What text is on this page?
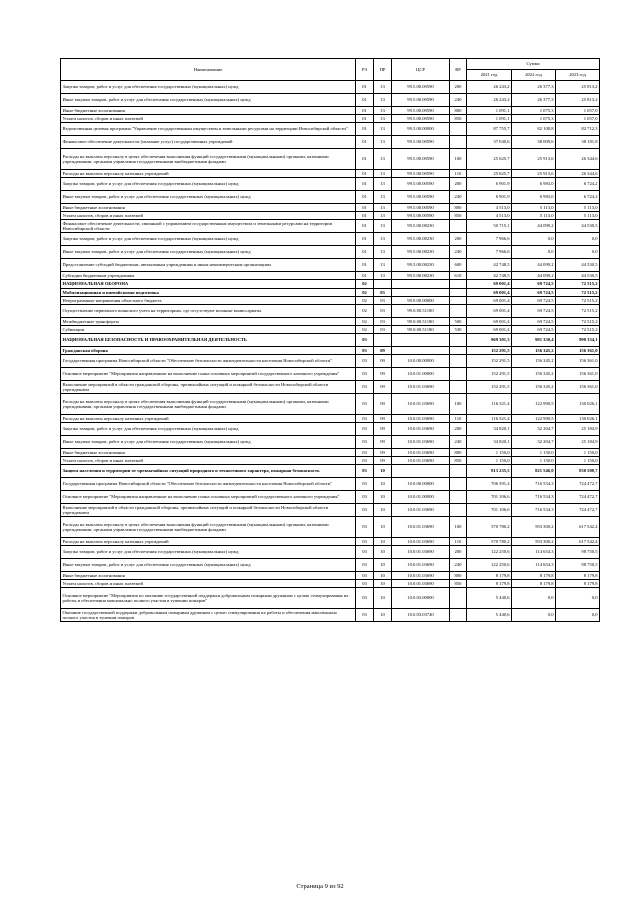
Наименование	РЗ	ПР	ЦСР	ВР	Сумма		
					2021 год	2022 год	2023 год
Закупка товаров, работ и услуг для обеспечения государственных (муниципальных) нужд	01	13	99.5.00.00590	200	26 243,2	26 377,3	25 813,2
Иные закупки товаров, работ и услуг для обеспечения государственных (муниципальных) нужд	01	13	99.5.00.00590	240	26 243,2	26 377,3	25 813,2
Иные бюджетные ассигнования	01	13	99.5.00.00590	800	1 091,1	1 075,3	1 057,0
Уплата налогов, сборов и иных платежей	01	13	99.5.00.00590	850	1 091,1	1 075,3	1 057,0
Ведомственная целевая программа "Управление государственным имуществом и земельными ресурсами на территории Новосибирской области"	01	13	99.5.00.00000		87 755,7	82 108,8	82 712,3
Финансовое обеспечение деятельности (оказание услуг) государственных учреждений	01	13	99.5.00.00590		37 040,6	38 009,6	38 181,8
Расходы на выплаты персоналу в целях обеспечения выполнения функций государственными (муниципальными) органами, казенными учреждениями, органами управления государственными внебюджетными фондами	01	13	99.5.00.00590	100	25 625,7	25 913,6	26 344,6
Расходы на выплаты персоналу казенных учреждений	01	13	99.5.00.00590	110	25 625,7	25 913,6	26 344,6
Закупка товаров, работ и услуг для обеспечения государственных (муниципальных) нужд	01	13	99.5.00.00590	200	6 901,9	6 983,0	6 724,2
Иные закупки товаров, работ и услуг для обеспечения государственных (муниципальных) нужд	01	13	99.5.00.00590	240	6 901,9	6 983,0	6 724,2
Иные бюджетные ассигнования	01	13	99.5.00.00590	800	4 513,0	5 113,0	5 113,0
Уплата налогов, сборов и иных платежей	01	13	99.5.00.00590	850	4 513,0	5 113,0	5 113,0
Финансовое обеспечение деятельности, связанной с управлением государственным имуществом и земельными ресурсами на территории Новосибирской области	01	13	99.5.00.08230		50 715,1	44 099,2	44 530,5
Закупка товаров, работ и услуг для обеспечения государственных (муниципальных) нужд	01	13	99.5.00.08230	200	7 966,6	0,0	0,0
Иные закупки товаров, работ и услуг для обеспечения государственных (муниципальных) нужд	01	13	99.5.00.08230	240	7 966,6	0,0	0,0
Предоставление субсидий бюджетным, автономным учреждениям и иным некоммерческим организациям	01	13	99.5.00.08230	600	42 748,5	44 099,2	44 530,5
Субсидии бюджетным учреждениям	01	13	99.5.00.08230	610	42 748,5	44 099,2	44 530,5
НАЦИОНАЛЬНАЯ ОБОРОНА	02				69 001,4	69 724,5	72 515,2
Мобилизационная и вневойсковая подготовка	02	03			69 001,4	69 724,5	72 515,2
Непрограммные направления областного бюджета	02	03	99.0.00.00000		69 001,4	69 724,5	72 515,2
Осуществление первичного воинского учета на территориях, где отсутствуют военные комиссариаты	02	03	99.0.00.51180		69 001,4	69 724,5	72 515,2
Межбюджетные трансферты	02	03	99.0.00.51180	500	69 001,4	69 724,5	72 515,2
Субвенции	02	03	99.0.00.51180	530	69 001,4	69 724,5	72 515,2
НАЦИОНАЛЬНАЯ БЕЗОПАСНОСТЬ И ПРАВООХРАНИТЕЛЬНАЯ ДЕЯТЕЛЬНОСТЬ	03				969 301,3	981 330,4	990 334,1
Гражданская оборона	03	09			152 291,5	156 345,2	156 361,0
Государственная программа Новосибирской области "Обеспечение безопасности жизнедеятельности населения Новосибирской области"	03	09	10.0.00.00000		152 291,5	156 345,2	156 361,0
Основное мероприятие "Мероприятия направленные на выполнение плана основных мероприятий государственного казенного учреждения"	03	09	10.0.01.00000		152 291,5	156 345,2	156 361,0
Выполнение мероприятий в области гражданской обороны, чрезвычайных ситуаций и пожарной безопасности Новосибирской области учреждением	03	09	10.0.01.03690		152 291,5	156 345,2	156 361,0
Расходы на выплаты персоналу в целях обеспечения выполнения функций государственными (муниципальными) органами, казенными учреждениями, органами управления государственными внебюджетными фондами	03	09	10.0.01.03690	100	116 321,4	122 990,5	130 026,1
Расходы на выплаты персоналу казенных учреждений	03	09	10.0.01.03690	110	116 321,4	122 990,5	130 026,1
Закупка товаров, работ и услуг для обеспечения государственных (муниципальных) нужд	03	09	10.0.01.03690	200	34 820,1	32 204,7	25 184,9
Иные закупки товаров, работ и услуг для обеспечения государственных (муниципальных) нужд	03	09	10.0.01.03690	240	34 820,1	32 204,7	25 184,9
Иные бюджетные ассигнования	03	09	10.0.01.03690	800	1 150,0	1 150,0	1 150,0
Уплата налогов, сборов и иных платежей	03	09	10.0.01.03690	850	1 150,0	1 150,0	1 150,0
Защита населения и территории от чрезвычайных ситуаций природного и техногенного характера, пожарная безопасность	03	10			813 235,5	821 546,0	830 508,7
Государственная программа Новосибирской области "Обеспечение безопасности жизнедеятельности населения Новосибирской области"	03	10	10.0.00.00000		706 591,2	716 534,3	724 472,7
Основное мероприятие "Мероприятия направленные на выполнение плана основных мероприятий государственного казенного учреждения"	03	10	10.0.01.00000		701 106,6	716 534,3	724 472,7
Выполнение мероприятий в области гражданской обороны, чрезвычайных ситуаций и пожарной безопасности Новосибирской области учреждением	03	10	10.0.01.03690		701 106,6	716 534,3	724 472,7
Расходы на выплаты персоналу в целях обеспечения выполнения функций государственными (муниципальными) органами, казенными учреждениями, органами управления государственными внебюджетными фондами	03	10	10.0.01.03690	100	570 780,2	593 300,2	617 542,4
Расходы на выплаты персоналу казенных учреждений	03	10	10.0.01.03690	110	570 780,2	593 300,2	617 542,4
Закупка товаров, работ и услуг для обеспечения государственных (муниципальных) нужд	03	10	10.0.01.03690	200	122 250,6	114 654,3	98 750,5
Иные закупки товаров, работ и услуг для обеспечения государственных (муниципальных) нужд	03	10	10.0.01.03690	240	122 250,6	114 654,3	98 750,5
Иные бюджетные ассигнования	03	10	10.0.01.03690	800	8 179,8	8 179,8	8 179,8
Уплата налогов, сборов и иных платежей	03	10	10.0.01.03690	850	8 179,8	8 179,8	8 179,8
Основное мероприятие "Мероприятия по оказанию государственной поддержки добровольным пожарным дружинам с целью стимулирования их работы и обеспечения максимально полного участия в тушении пожаров"	03	10	10.0.03.00000		5 440,6	0,0	0,0
Оказание государственной поддержки добровольным пожарным дружинам с целью стимулирования их работы и обеспечения максимально полного участия в тушении пожаров	03	10	10.0.03.03740		5 440,6	0,0	0,0
Страница 9 из 92
